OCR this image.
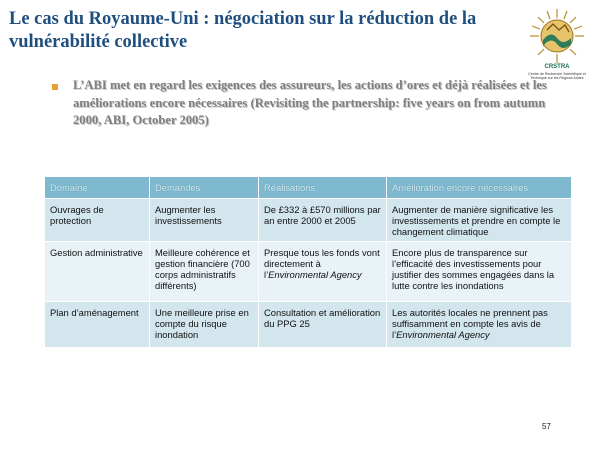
Le cas du Royaume-Uni : négociation sur la réduction de la vulnérabilité collective
CRSTRA
Centre de Recherche Scientifique et Technique sur les Régions Arides

L’ABI met en regard les exigences des assureurs, les actions d’ores et déjà réalisées et les améliorations encore nécessaires (Revisiting the partnership: five years on from autumn 2000, ABI, October 2005)

Domaine	Demandes	Réalisations	Amélioration encore nécessaires
Ouvrages de protection	Augmenter les investissements	De £332 à £570 millions par an entre 2000 et 2005	Augmenter de manière significative les investissements et prendre en compte le changement climatique
Gestion administrative	Meilleure cohérence et gestion financière (700 corps administratifs différents)	Presque tous les fonds vont directement à l’Environmental Agency	Encore plus de transparence sur l’efficacité des investissements pour justifier des sommes engagées dans la lutte contre les inondations
Plan d’aménagement	Une meilleure prise en compte du risque inondation	Consultation et amélioration du PPG 25	Les autorités locales ne prennent pas suffisamment en compte les avis de l’Environmental Agency
57
